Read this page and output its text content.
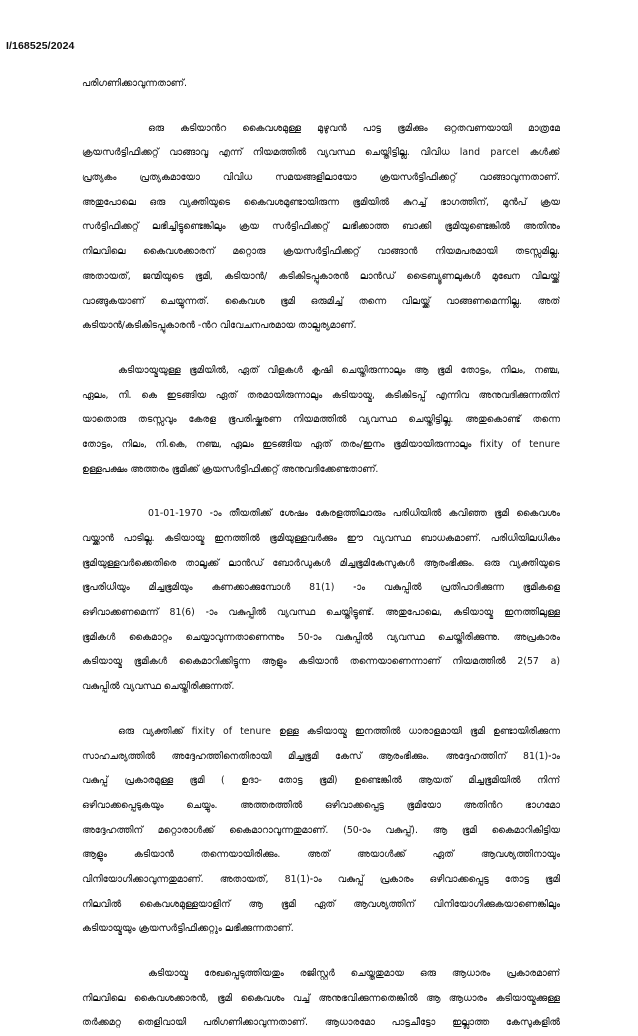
I/168525/2024
പരിഗണിക്കാവുന്നതാണ്.
ഒരു കടിയാൻറ കൈവശമുള്ള മുഴുവൻ പാട്ട ഭൂമിക്കും ഒറ്റതവണയായി മാത്രമേ
ക്രയസർട്ടിഫിക്കറ്റ് വാങ്ങാവൂ എന്ന് നിയമത്തിൽ വ്യവസ്ഥ ചെയ്തിട്ടില്ല. വിവിധ land parcel കൾക്ക്
പ്രത്യകം പ്രത്യകമായോ വിവിധ സമയങ്ങളിലായോ ക്രയസർട്ടിഫിക്കറ്റ് വാങ്ങാവുന്നതാണ്.
അതുപോലെ ഒരു വ്യക്തിയുടെ കൈവശമുണ്ടായിരുന്ന ഭൂമിയിൽ കുറച്ച് ഭാഗത്തിന്, മുൻപ് ക്രയ
സർട്ടിഫിക്കറ്റ് ലഭിച്ചിട്ടുണ്ടെങ്കിലും ക്രയ സർട്ടിഫിക്കറ്റ് ലഭിക്കാത്ത ബാക്കി ഭൂമിയുണ്ടെങ്കിൽ അതിനും
നിലവിലെ കൈവശക്കാരന് മറ്റൊരു ക്രയസർട്ടിഫിക്കറ്റ് വാങ്ങാൻ നിയമപരമായി തടസ്സമില്ല.
അതായത്, ജന്മിയുടെ ഭൂമി, കടിയാൻ/ കടികിടപ്പുകാരൻ ലാൻഡ് ട്രൈബ്യൂണലുകൾ മുഖേന വിലയ്ക്ക്
വാങ്ങുകയാണ് ചെയ്യുന്നത്. കൈവശ ഭൂമി ഒരുമിച്ച് തന്നെ വിലയ്ക്ക് വാങ്ങണമെന്നില്ല. അത്
കടിയാൻ/കടികിടപ്പുകാരൻ -ൻറ വിവേചനപരമായ താല്പര്യമാണ്.
കടിയായ്മയുള്ള ഭൂമിയിൽ, ഏത് വിളകൾ കൃഷി ചെയ്തിരുന്നാലും ആ ഭൂമി തോട്ടം, നിലം, നഞ്ച,
ഏലം, നി. കെ ഇടങ്ങിയ ഏത് തരമായിരുന്നാലും കടിയായ്മ, കടികിടപ്പ് എന്നിവ അനുവദിക്കുന്നതിന്
യാതൊരു തടസ്സവും കേരള ഭൂപരിഷ്കരണ നിയമത്തിൽ വ്യവസ്ഥ ചെയ്തിട്ടില്ല. അതുകൊണ്ട് തന്നെ
തോട്ടം, നിലം, നി.കെ, നഞ്ച, ഏലം ഇടങ്ങിയ ഏത് തരം/ഇനം ഭൂമിയായിരുന്നാലും fixity of tenure
ഉള്ളപക്ഷം അത്തരം ഭൂമിക്ക് ക്രയസർട്ടിഫിക്കറ്റ് അനുവദിക്കേണ്ടതാണ്.
01-01-1970 -ാം തീയതിക്ക് ശേഷം കേരളത്തിലാരും പരിധിയിൽ കവിഞ്ഞ ഭൂമി കൈവശം
വയ്ക്കാൻ പാടില്ല. കടിയായ്മ ഇനത്തിൽ ഭൂമിയുള്ളവർക്കും ഈ വ്യവസ്ഥ ബാധകമാണ്. പരിധിയിലധികം
ഭൂമിയുള്ളവർക്കെതിരെ താലൂക്ക് ലാൻഡ് ബോർഡുകൾ മിച്ചഭൂമികേസുകൾ ആരംഭിക്കും. ഒരു വ്യക്തിയുടെ
ഭൂപരിധിയും മിച്ചഭൂമിയും കണക്കാക്കുമ്പോൾ 81(1) -ാം വകുപ്പിൽ പ്രതിപാദിക്കുന്ന ഭൂമികളെ
ഒഴിവാക്കണമെന്ന് 81(6) -ാം വകുപ്പിൽ വ്യവസ്ഥ ചെയ്തിട്ടുണ്ട്. അതുപോലെ, കടിയായ്മ ഇനത്തിലുള്ള
ഭൂമികൾ കൈമാറ്റം ചെയ്യാവുന്നതാണെന്നും 50-ാം വകുപ്പിൽ വ്യവസ്ഥ ചെയ്തിരിക്കുന്നു. അപ്രകാരം
കടിയായ്മ ഭൂമികൾ കൈമാറിക്കിട്ടുന്ന ആളും കടിയാൻ തന്നെയാണെന്നാണ് നിയമത്തിൽ 2(57 a)
വകുപ്പിൽ വ്യവസ്ഥ ചെയ്തിരിക്കുന്നത്.
ഒരു വ്യക്തിക്ക് fixity of tenure ഉള്ള കടിയായ്മ ഇനത്തിൽ ധാരാളമായി ഭൂമി ഉണ്ടായിരിക്കുന്ന
സാഹചര്യത്തിൽ അദ്ദേഹത്തിനെതിരായി മിച്ചഭൂമി കേസ് ആരംഭിക്കും. അദ്ദേഹത്തിന് 81(1)-ാം
വകുപ്പ് പ്രകാരമുള്ള ഭൂമി ( ഉദാ- തോട്ട ഭൂമി) ഉണ്ടെങ്കിൽ ആയത് മിച്ചഭൂമിയിൽ നിന്ന്
ഒഴിവാക്കപ്പെടുകയും ചെയ്യും. അത്തരത്തിൽ ഒഴിവാക്കപ്പെട്ട ഭൂമിയോ അതിൻറ ഭാഗമോ
അദ്ദേഹത്തിന് മറ്റൊരാൾക്ക് കൈമാറാവുന്നതുമാണ്. (50-ാം വകുപ്പ്). ആ ഭൂമി കൈമാറികിട്ടിയ
ആളും കടിയാൻ തന്നെയായിരിക്കും. അത് അയാൾക്ക് ഏത് ആവശ്യത്തിനായും
വിനിയോഗിക്കാവുന്നതുമാണ്. അതായത്, 81(1)-ാം വകുപ്പ് പ്രകാരം ഒഴിവാക്കപ്പെട്ട തോട്ട ഭൂമി
നിലവിൽ കൈവശമുള്ളയാളിന് ആ ഭൂമി ഏത് ആവശ്യത്തിന് വിനിയോഗിക്കുകയാണെങ്കിലും
കടിയായ്മയും ക്രയസർട്ടിഫിക്കറ്റും ലഭിക്കുന്നതാണ്.
കടിയായ്മ രേഖപ്പെടുത്തിയതും രജിസ്റ്റർ ചെയ്തതുമായ ഒരു ആധാരം പ്രകാരമാണ്
നിലവിലെ കൈവശക്കാരൻ, ഭൂമി കൈവശം വച്ച് അനുഭവിക്കുന്നതെങ്കിൽ ആ ആധാരം കടിയായ്മക്കുള്ള
തർക്കമറ്റ തെളിവായി പരിഗണിക്കാവുന്നതാണ്. ആധാരമോ പാട്ടചീട്ടോ ഇല്ലാത്ത കേസുകളിൽ
